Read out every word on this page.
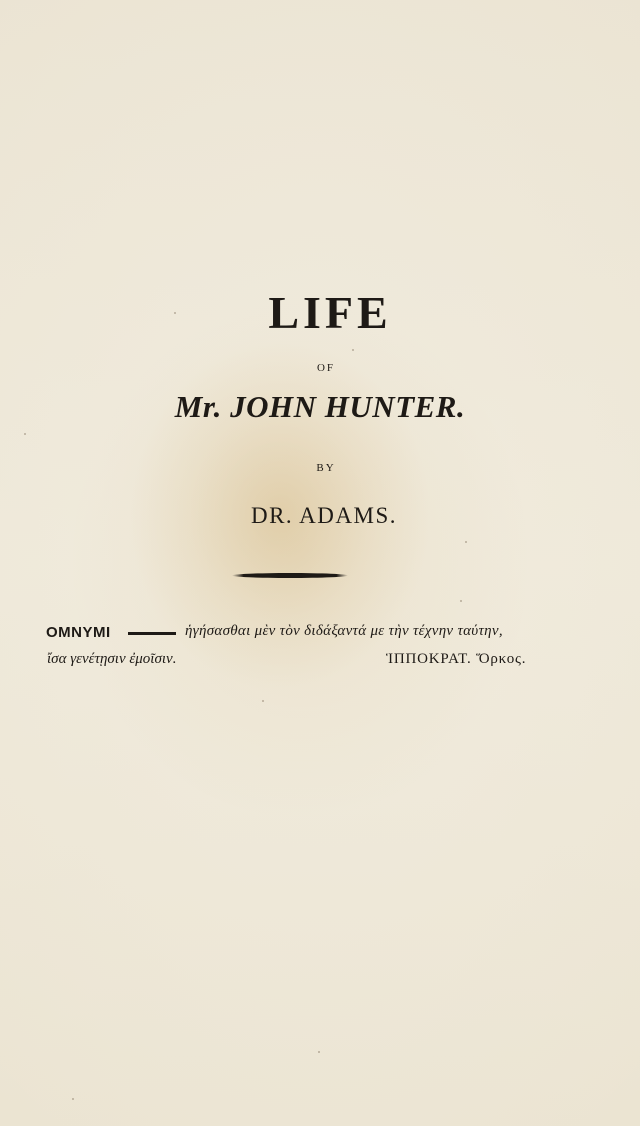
LIFE
OF
Mr. JOHN HUNTER.
BY
DR. ADAMS.
OMNYMI	ἡγήσασθαι μὲν τὸν διδάξαντά με τὴν τέχνην ταύτην,
ἴσα γενέτῃσιν ἐμοῖσιν.	ἹΠΠΟΚΡΑΤ. Ὅρκος.
